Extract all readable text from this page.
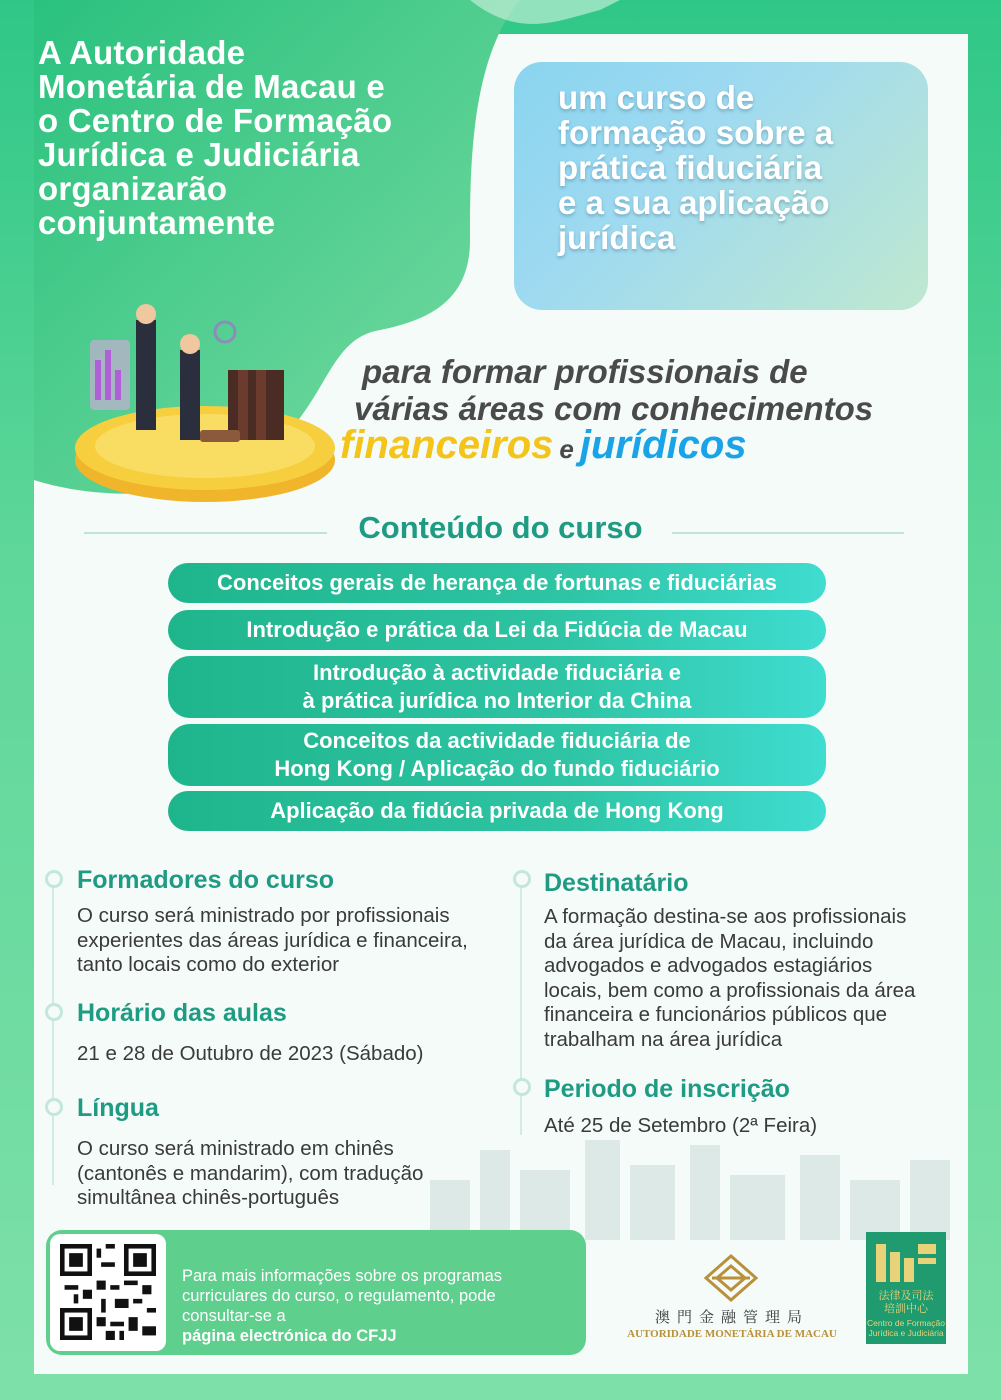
A Autoridade
Monetária de Macau e
o Centro de Formação
Jurídica e Judiciária
organizarão
conjuntamente
um curso de
formação sobre a
prática fiduciária
e a sua aplicação
jurídica
para formar profissionais de
várias áreas com conhecimentos
financeiros e jurídicos
Conteúdo do curso
Conceitos gerais de herança de fortunas e fiduciárias
Introdução e prática da Lei da Fidúcia de Macau
Introdução à actividade fiduciária e
à prática jurídica no Interior da China
Conceitos da actividade fiduciária de
Hong Kong / Aplicação do fundo fiduciário
Aplicação da fidúcia privada de Hong Kong
Formadores do curso
O curso será ministrado por profissionais
experientes das áreas jurídica e financeira,
tanto locais como do exterior
Horário das aulas
21 e 28 de Outubro de 2023 (Sábado)
Língua
O curso será ministrado em chinês
(cantonês e mandarim), com tradução
simultânea chinês-português
Destinatário
A formação destina-se aos profissionais
da área jurídica de Macau, incluindo
advogados e advogados estagiários
locais, bem como a profissionais da área
financeira e funcionários públicos que
trabalham na área jurídica
Periodo de inscrição
Até 25 de Setembro (2ª Feira)
Para mais informações sobre os programas
curriculares do curso, o regulamento, pode
consultar-se a
página electrónica do CFJJ
澳門金融管理局
AUTORIDADE MONETÁRIA DE MACAU
法律及司法
培訓中心
Centro de Formação
Jurídica e Judiciária
